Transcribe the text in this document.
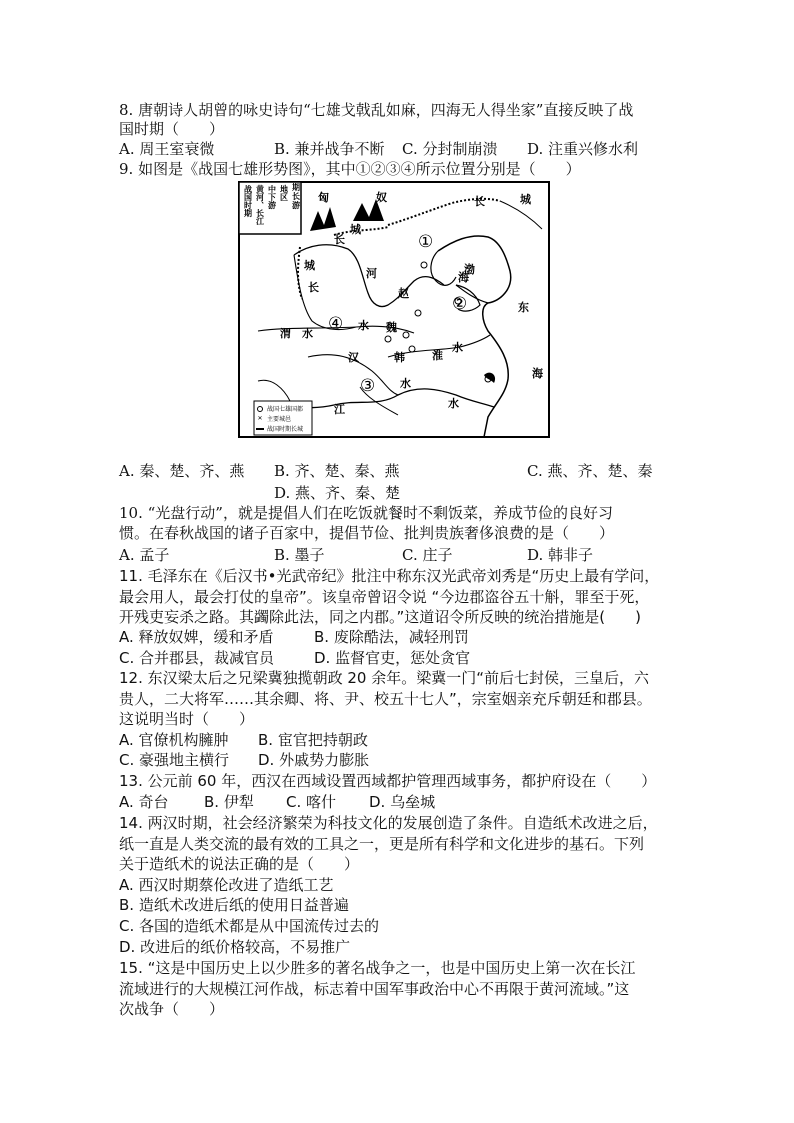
8. 唐朝诗人胡曾的咏史诗句“七雄戈戟乱如麻，四海无人得坐家”直接反映了战
国时期（　　）
A. 周王室衰微	B. 兼并战争不断 C. 分封制崩溃 D. 注重兴修水利
9. 如图是《战国七雄形势图》，其中①②③④所示位置分别是（　　）
期长游
战国时期 黄河、长江 中下游 地区	匈	奴	长	城
长
城
城
长
河
赵
渤
海
东
海
渭 水
水 魏
韩 淮
水
汉
水
江	水
①
②
③
④
✕
战国七雄国都
主要城邑
战国时期长城
A. 秦、楚、齐、燕 B. 齐、楚、秦、燕	C. 燕、齐、楚、秦
D. 燕、齐、秦、楚
10. “光盘行动”，就是提倡人们在吃饭就餐时不剩饭菜，养成节俭的良好习
惯。在春秋战国的诸子百家中，提倡节俭、批判贵族奢侈浪费的是（　　）
A. 孟子	B. 墨子	C. 庄子	D. 韩非子
11. 毛泽东在《后汉书•光武帝纪》批注中称东汉光武帝刘秀是“历史上最有学问，
最会用人，最会打仗的皇帝”。该皇帝曾诏令说 “今边郡盗谷五十斛，罪至于死，
开残吏妄杀之路。其蠲除此法，同之内郡。”这道诏令所反映的统治措施是(　　)
A. 释放奴婢，缓和矛盾	B. 废除酷法，减轻刑罚
C. 合并郡县，裁减官员	D. 监督官吏，惩处贪官
12. 东汉梁太后之兄梁冀独揽朝政 20 余年。梁冀一门“前后七封侯，三皇后，六
贵人，二大将军……其余卿、将、尹、校五十七人”，宗室姻亲充斥朝廷和郡县。
这说明当时（　　）
A. 官僚机构臃肿 B. 宦官把持朝政
C. 豪强地主横行 D. 外戚势力膨胀
13. 公元前 60 年，西汉在西域设置西域都护管理西域事务，都护府设在（　　）
A. 奇台 B. 伊犁 C. 喀什 D. 乌垒城
14. 两汉时期，社会经济繁荣为科技文化的发展创造了条件。自造纸术改进之后，
纸一直是人类交流的最有效的工具之一，更是所有科学和文化进步的基石。下列
关于造纸术的说法正确的是（　　）
A. 西汉时期蔡伦改进了造纸工艺
B. 造纸术改进后纸的使用日益普遍
C. 各国的造纸术都是从中国流传过去的
D. 改进后的纸价格较高，不易推广
15. “这是中国历史上以少胜多的著名战争之一，也是中国历史上第一次在长江
流域进行的大规模江河作战，标志着中国军事政治中心不再限于黄河流域。”这
次战争（　　）
